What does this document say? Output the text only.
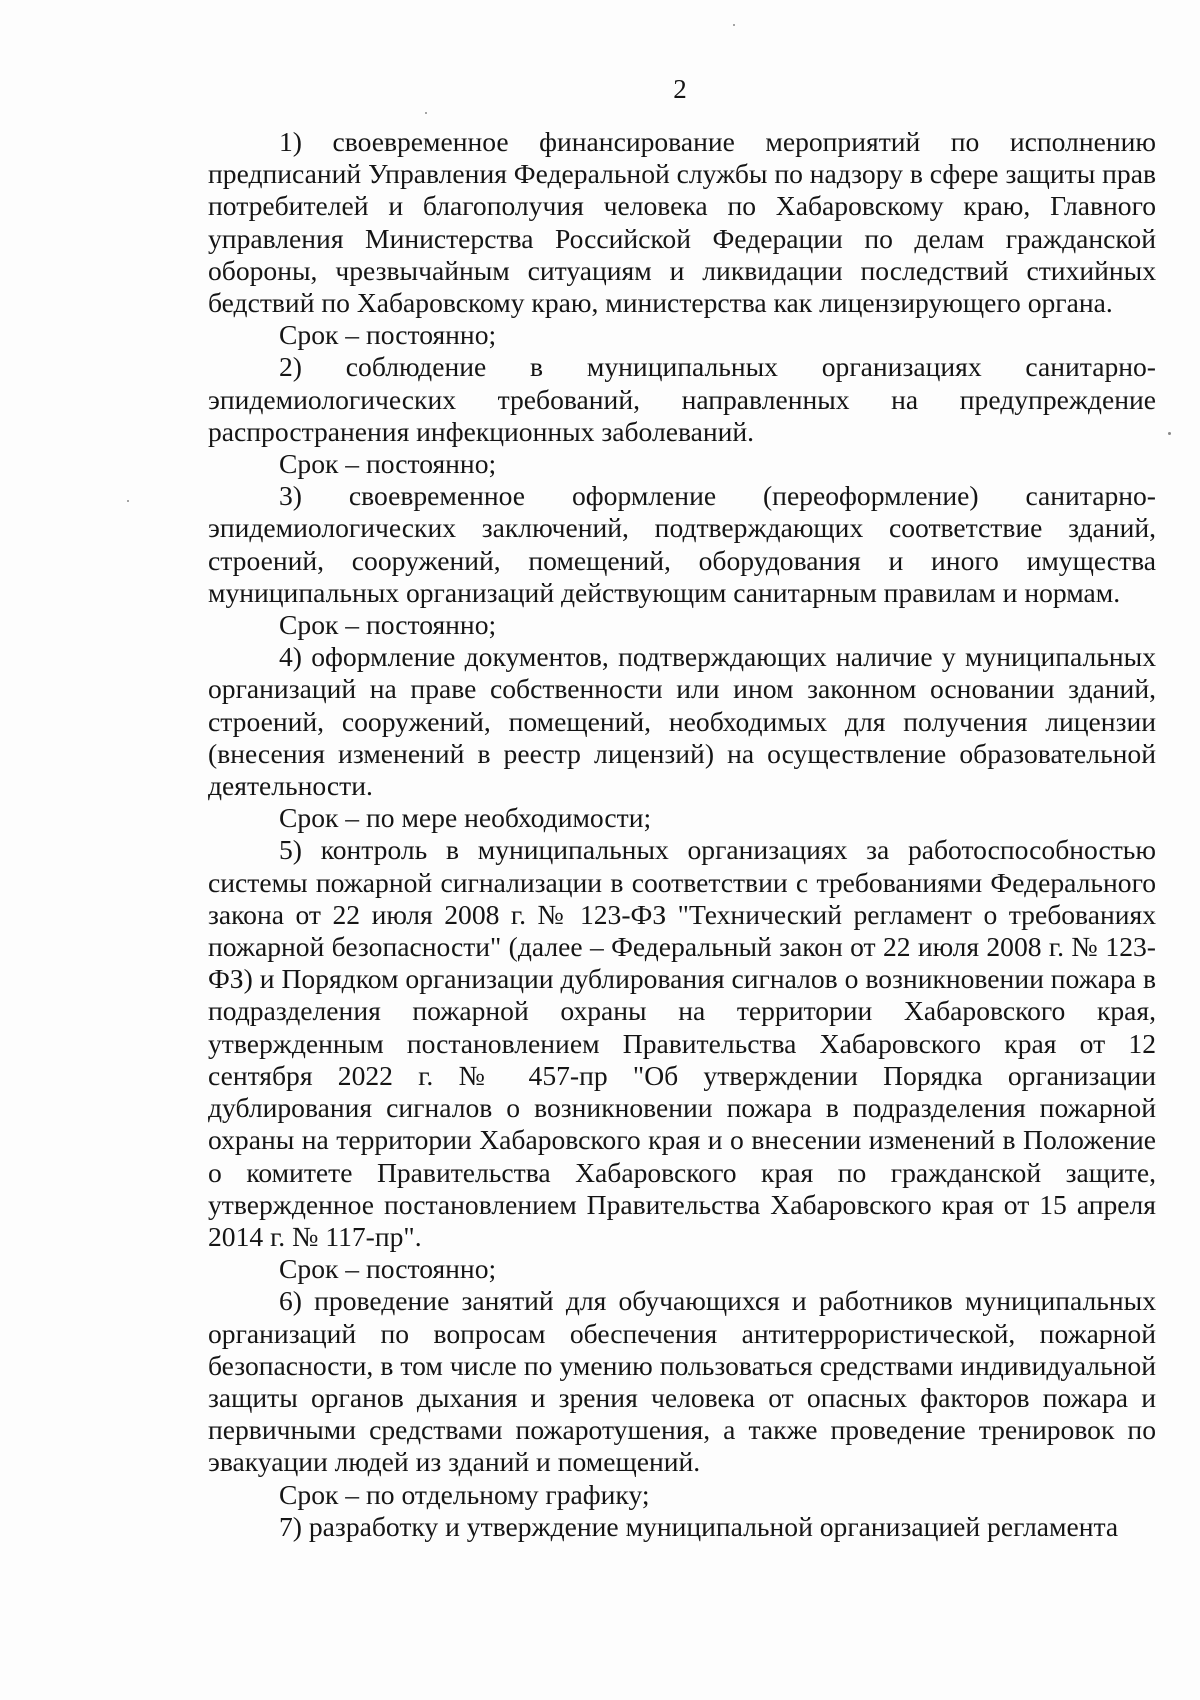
2

1) своевременное финансирование мероприятий по исполнению предписаний Управления Федеральной службы по надзору в сфере защиты прав потребителей и благополучия человека по Хабаровскому краю, Главного управления Министерства Российской Федерации по делам гражданской обороны, чрезвычайным ситуациям и ликвидации последствий стихийных бедствий по Хабаровскому краю, министерства как лицензирующего органа.

Срок – постоянно;

2) соблюдение в муниципальных организациях санитарно-эпидемиологических требований, направленных на предупреждение распространения инфекционных заболеваний.

Срок – постоянно;

3) своевременное оформление (переоформление) санитарно-эпидемиологических заключений, подтверждающих соответствие зданий, строений, сооружений, помещений, оборудования и иного имущества муниципальных организаций действующим санитарным правилам и нормам.

Срок – постоянно;

4) оформление документов, подтверждающих наличие у муниципальных организаций на праве собственности или ином законном основании зданий, строений, сооружений, помещений, необходимых для получения лицензии (внесения изменений в реестр лицензий) на осуществление образовательной деятельности.

Срок – по мере необходимости;

5) контроль в муниципальных организациях за работоспособностью системы пожарной сигнализации в соответствии с требованиями Федерального закона от 22 июля 2008 г. № 123-ФЗ "Технический регламент о требованиях пожарной безопасности" (далее – Федеральный закон от 22 июля 2008 г. № 123-ФЗ) и Порядком организации дублирования сигналов о возникновении пожара в подразделения пожарной охраны на территории Хабаровского края, утвержденным постановлением Правительства Хабаровского края от 12 сентября 2022 г. № 457-пр "Об утверждении Порядка организации дублирования сигналов о возникновении пожара в подразделения пожарной охраны на территории Хабаровского края и о внесении изменений в Положение о комитете Правительства Хабаровского края по гражданской защите, утвержденное постановлением Правительства Хабаровского края от 15 апреля 2014 г. № 117-пр".

Срок – постоянно;

6) проведение занятий для обучающихся и работников муниципальных организаций по вопросам обеспечения антитеррористической, пожарной безопасности, в том числе по умению пользоваться средствами индивидуальной защиты органов дыхания и зрения человека от опасных факторов пожара и первичными средствами пожаротушения, а также проведение тренировок по эвакуации людей из зданий и помещений.

Срок – по отдельному графику;

7) разработку и утверждение муниципальной организацией регламента
